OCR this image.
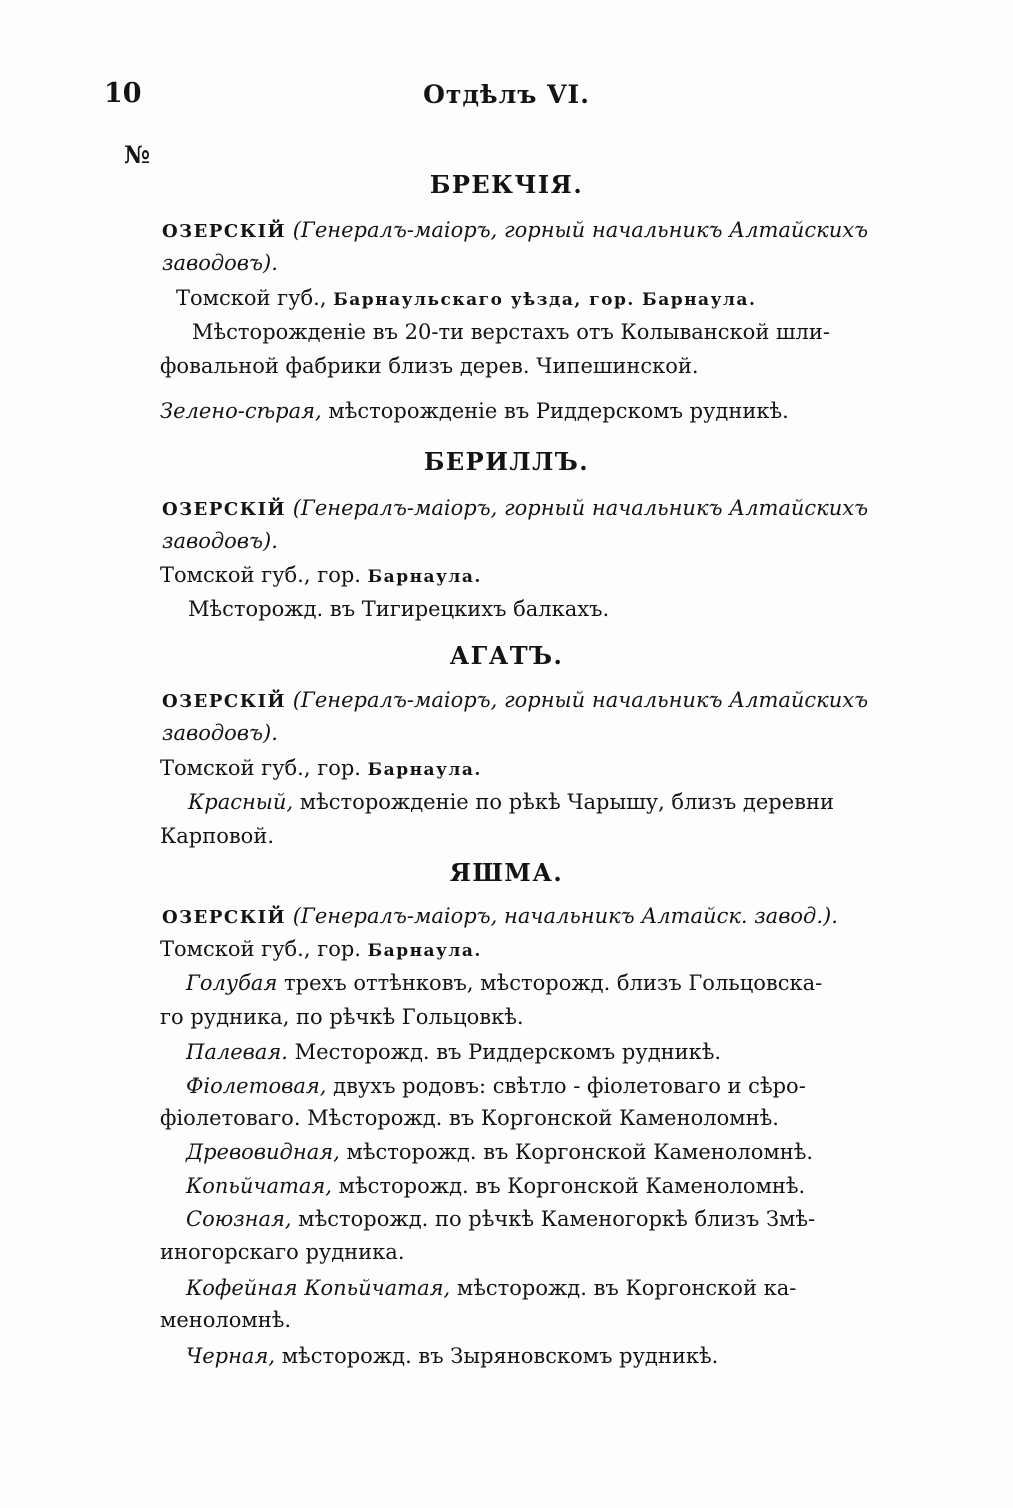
10	Отдѣлъ VI.
№
БРЕКЧІЯ.
ОЗЕРСКІЙ (Генералъ-маіоръ, горный начальникъ Алтайскихъ
заводовъ).
Томской губ., Барнаульскаго уѣзда, гор. Барнаула.
Мѣсторожденіе въ 20-ти верстахъ отъ Колыванской шли-
фовальной фабрики близъ дерев. Чипешинской.
Зелено-сѣрая, мѣсторожденіе въ Риддерскомъ рудникѣ.
БЕРИЛЛЪ.
ОЗЕРСКІЙ (Генералъ-маіоръ, горный начальникъ Алтайскихъ
заводовъ).
Томской губ., гор. Барнаула.
Мѣсторожд. въ Тигирецкихъ балкахъ.
АГАТЪ.
ОЗЕРСКІЙ (Генералъ-маіоръ, горный начальникъ Алтайскихъ
заводовъ).
Томской губ., гор. Барнаула.
Красный, мѣсторожденіе по рѣкѣ Чарышу, близъ деревни
Карповой.
ЯШМА.
ОЗЕРСКІЙ (Генералъ-маіоръ, начальникъ Алтайск. завод.).
Томской губ., гор. Барнаула.
Голубая трехъ оттѣнковъ, мѣсторожд. близъ Гольцовска-
го рудника, по рѣчкѣ Гольцовкѣ.
Палевая. Месторожд. въ Риддерскомъ рудникѣ.
Фіолетовая, двухъ родовъ: свѣтло - фіолетоваго и сѣро-
фіолетоваго. Мѣсторожд. въ Коргонской Каменоломнѣ.
Древовидная, мѣсторожд. въ Коргонской Каменоломнѣ.
Копьйчатая, мѣсторожд. въ Коргонской Каменоломнѣ.
Союзная, мѣсторожд. по рѣчкѣ Каменогоркѣ близъ Змѣ-
иногорскаго рудника.
Кофейная Копьйчатая, мѣсторожд. въ Коргонской ка-
меноломнѣ.
Черная, мѣсторожд. въ Зыряновскомъ рудникѣ.
